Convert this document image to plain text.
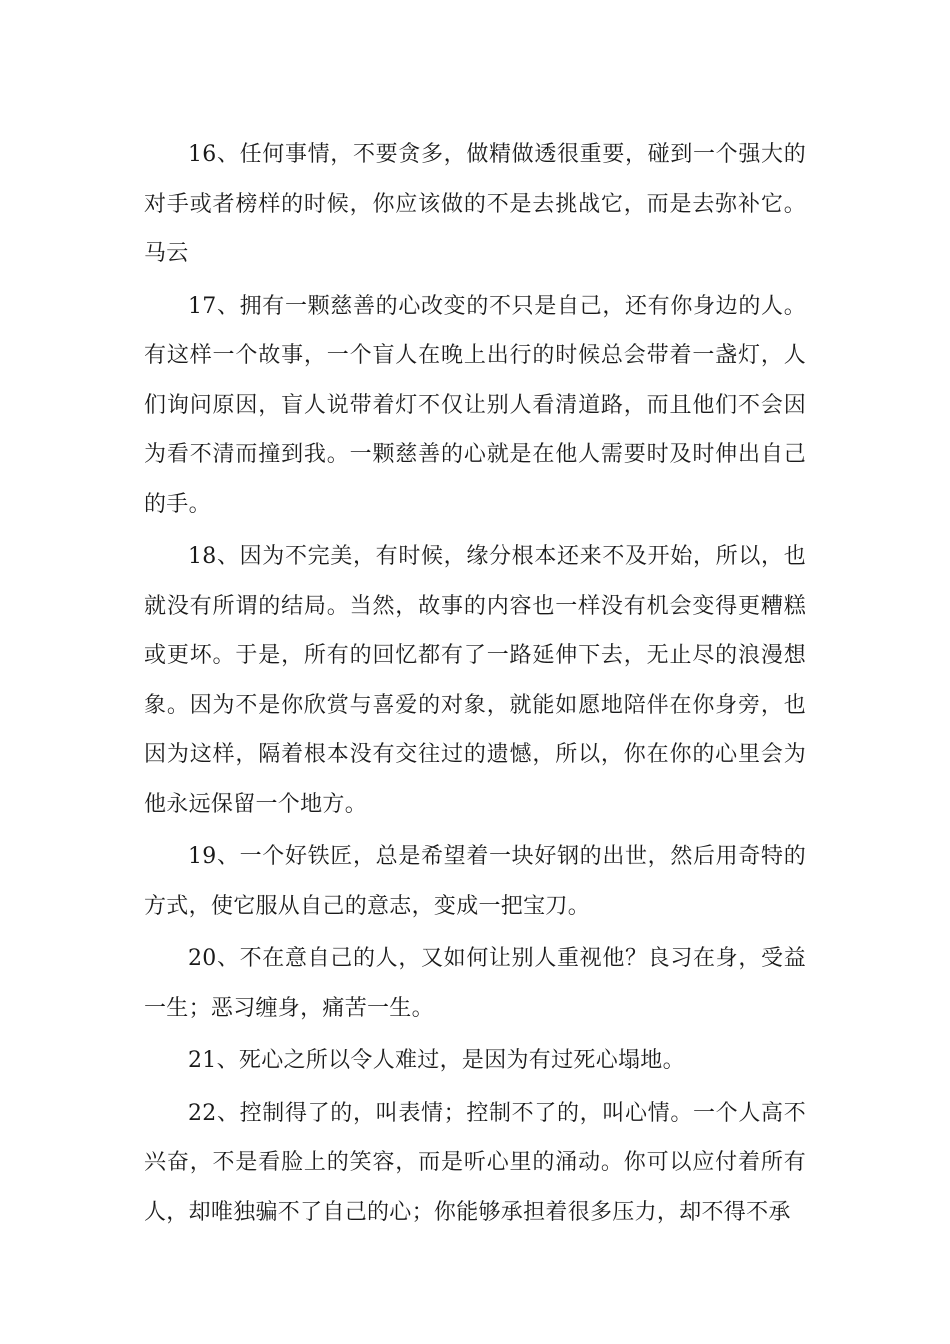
16、任何事情，不要贪多，做精做透很重要，碰到一个强大的对手或者榜样的时候，你应该做的不是去挑战它，而是去弥补它。马云

17、拥有一颗慈善的心改变的不只是自己，还有你身边的人。有这样一个故事，一个盲人在晚上出行的时候总会带着一盏灯，人们询问原因，盲人说带着灯不仅让别人看清道路，而且他们不会因为看不清而撞到我。一颗慈善的心就是在他人需要时及时伸出自己的手。

18、因为不完美，有时候，缘分根本还来不及开始，所以，也就没有所谓的结局。当然，故事的内容也一样没有机会变得更糟糕或更坏。于是，所有的回忆都有了一路延伸下去，无止尽的浪漫想象。因为不是你欣赏与喜爱的对象，就能如愿地陪伴在你身旁，也因为这样，隔着根本没有交往过的遗憾，所以，你在你的心里会为他永远保留一个地方。

19、一个好铁匠，总是希望着一块好钢的出世，然后用奇特的方式，使它服从自己的意志，变成一把宝刀。

20、不在意自己的人，又如何让别人重视他？良习在身，受益一生；恶习缠身，痛苦一生。

21、死心之所以令人难过，是因为有过死心塌地。

22、控制得了的，叫表情；控制不了的，叫心情。一个人高不兴奋，不是看脸上的笑容，而是听心里的涌动。你可以应付着所有人，却唯独骗不了自己的心；你能够承担着很多压力，却不得不承
